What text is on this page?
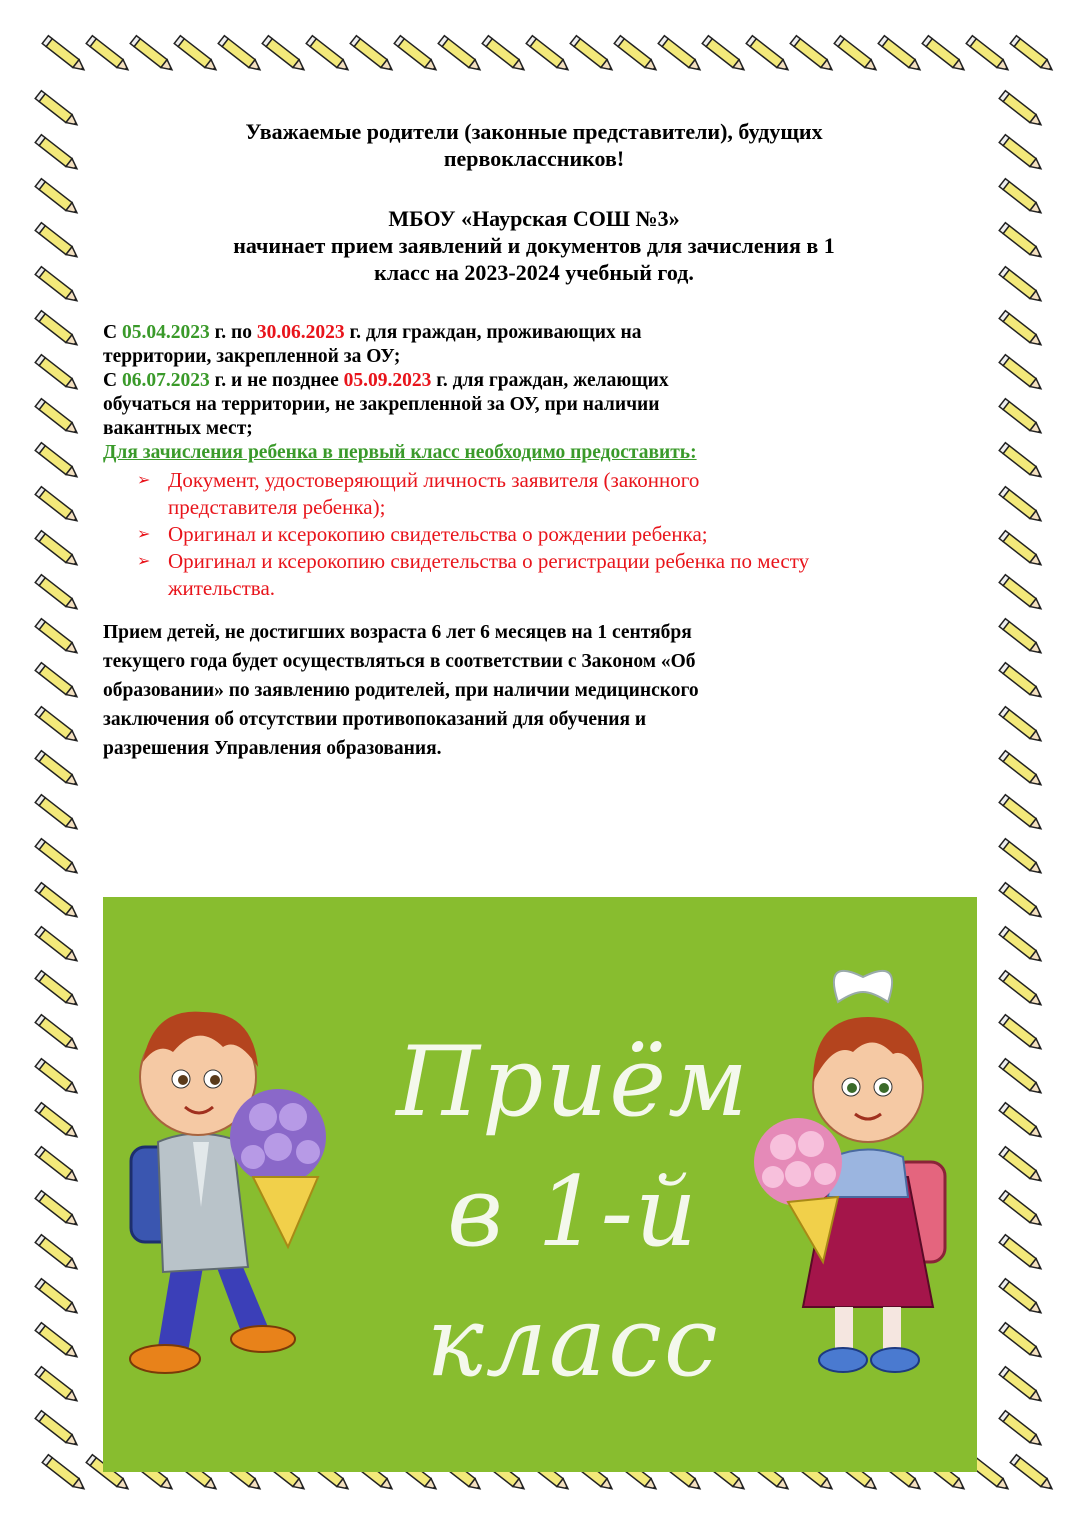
Уважаемые родители (законные представители), будущих
первоклассников!

МБОУ «Наурская СОШ №3»
начинает прием заявлений и документов для зачисления в 1
класс на 2023-2024 учебный год.

С 05.04.2023 г. по 30.06.2023 г. для граждан, проживающих на
территории, закрепленной за ОУ;

С 06.07.2023 г. и не позднее 05.09.2023 г. для граждан, желающих
обучаться на территории, не закрепленной за ОУ, при наличии
вакантных мест;

Для зачисления ребенка в первый класс необходимо предоставить:

➢ Документ, удостоверяющий личность заявителя (законного
представителя ребенка);
➢ Оригинал и ксерокопию свидетельства о рождении ребенка;
➢ Оригинал и ксерокопию свидетельства о регистрации ребенка по месту
жительства.

Прием детей, не достигших возраста 6 лет 6 месяцев на 1 сентября
текущего года будет осуществляться в соответствии с Законом «Об
образовании» по заявлению родителей, при наличии медицинского
заключения об отсутствии противопоказаний для обучения и
разрешения Управления образования.

Приём
в 1-й класс
